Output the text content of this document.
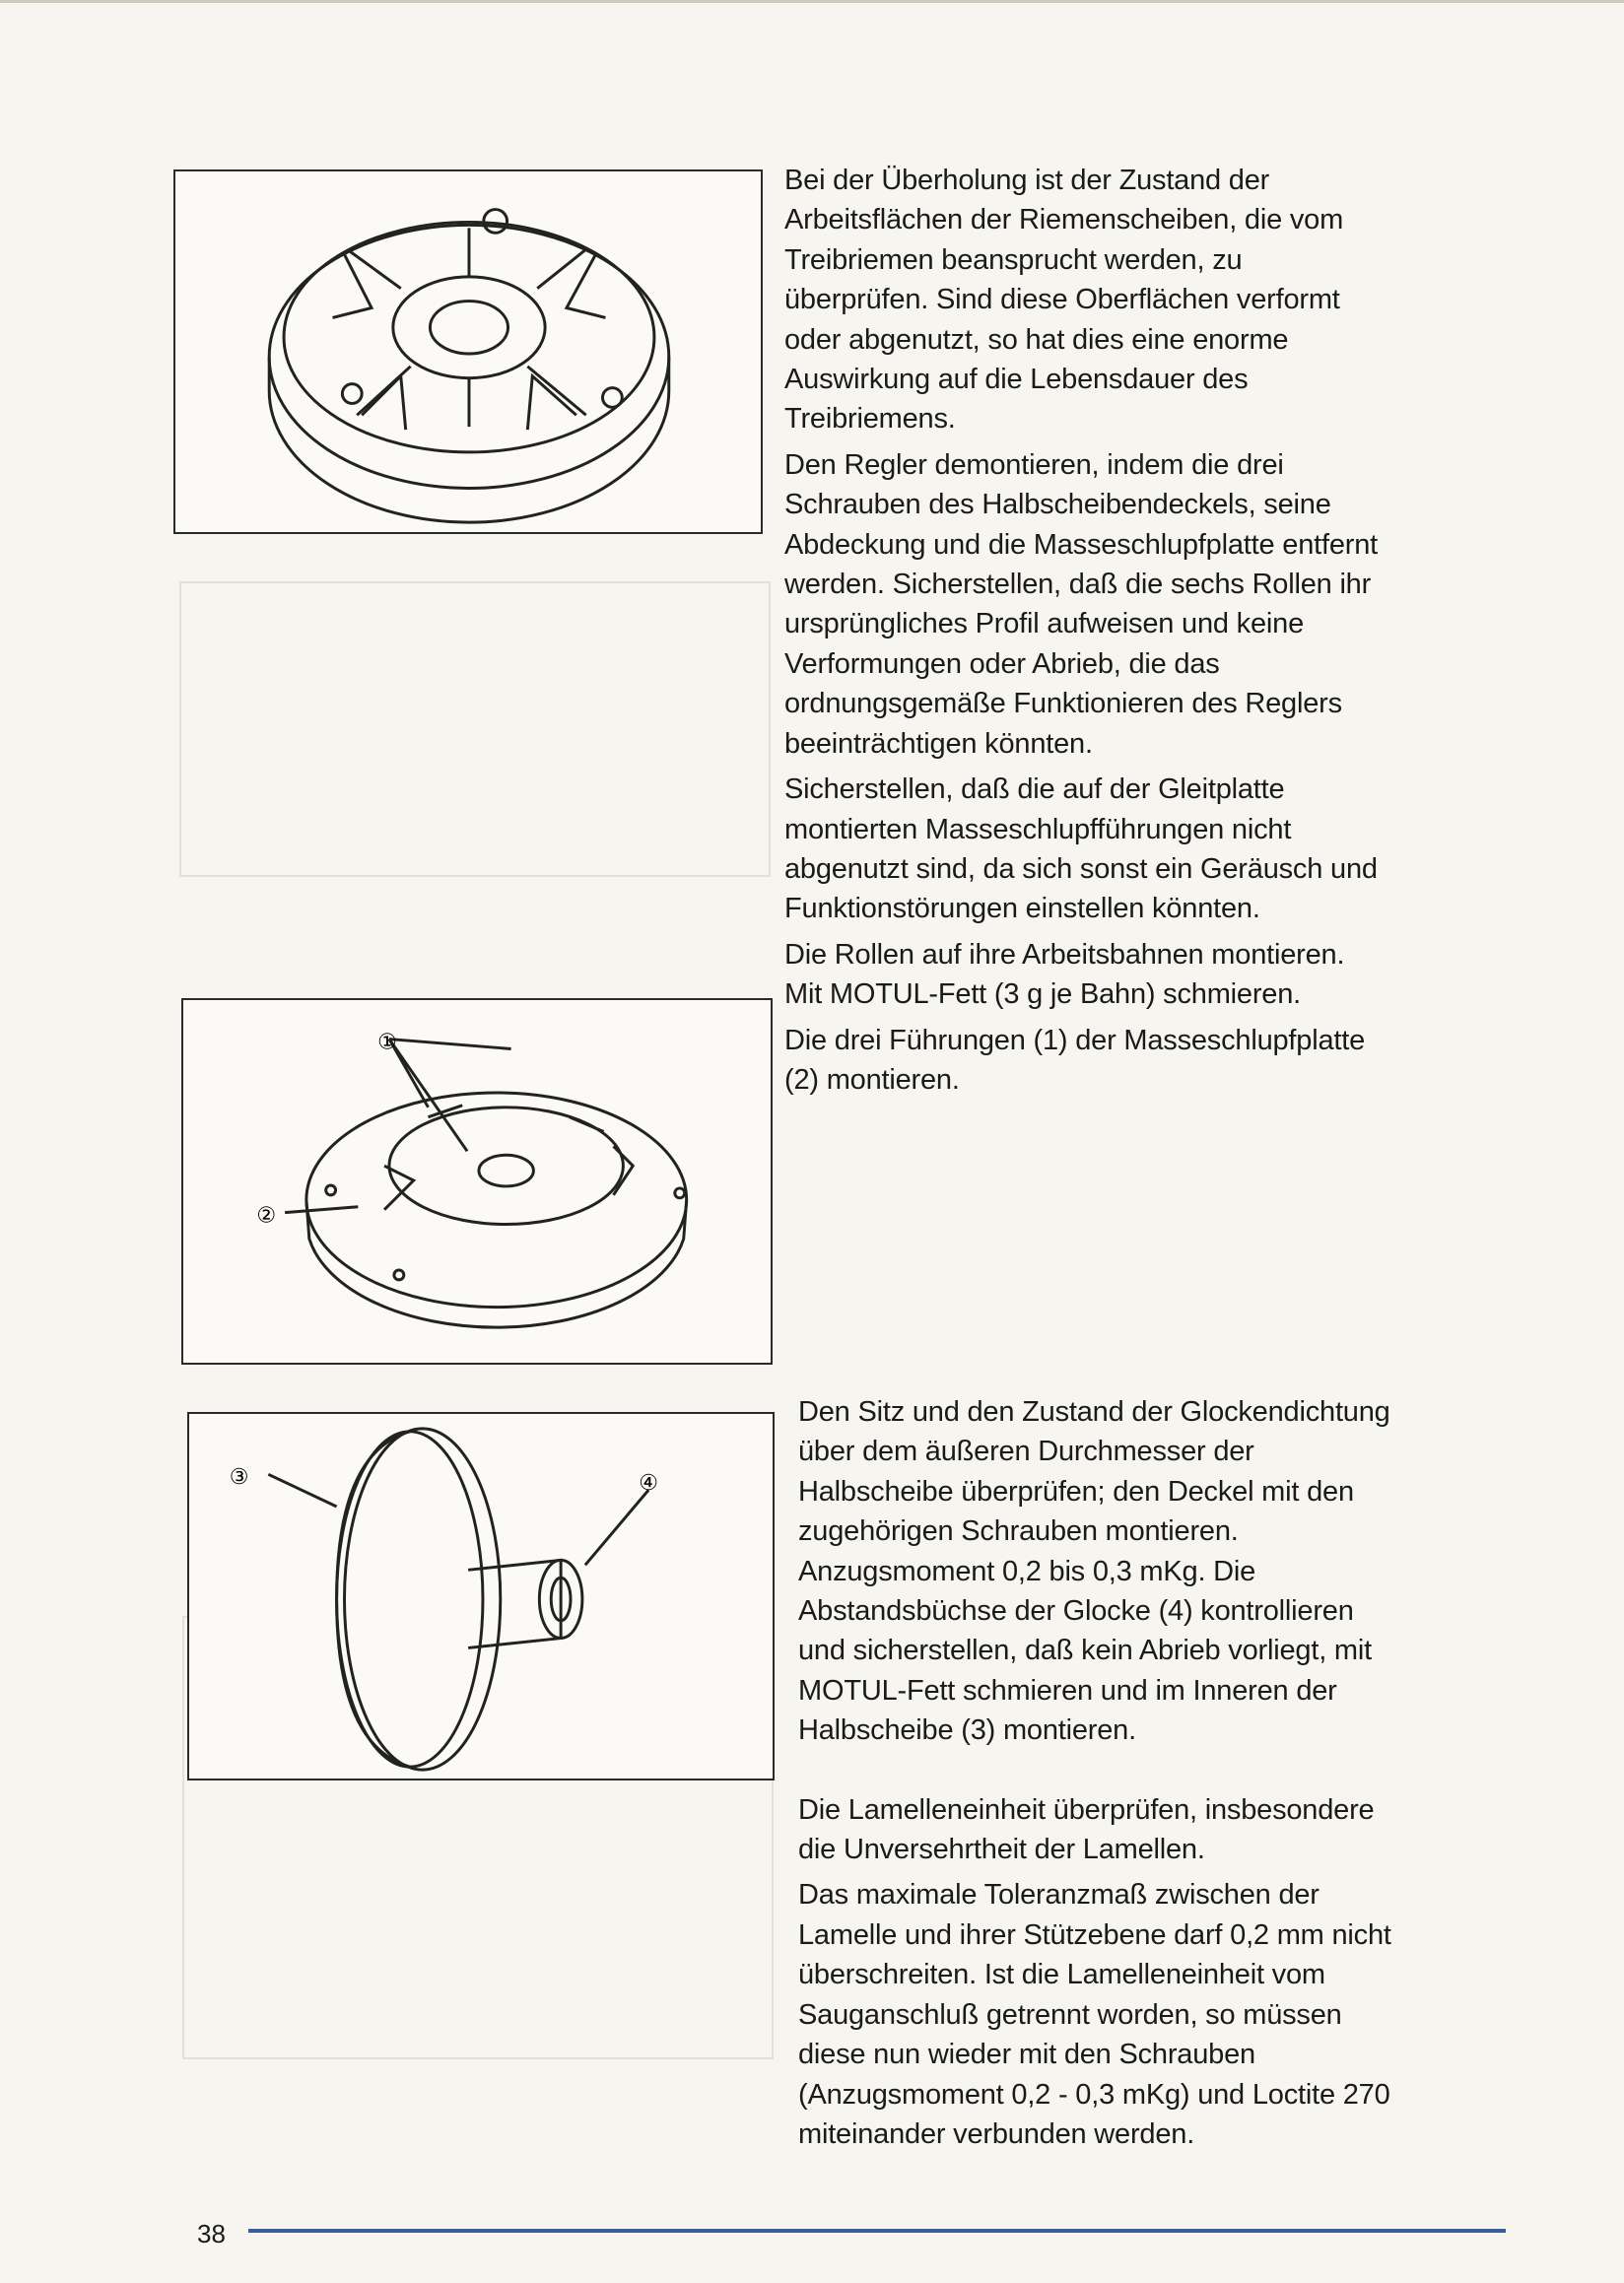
①
②
③	④

Bei der Überholung ist der Zustand der
Arbeitsflächen der Riemenscheiben, die vom
Treibriemen beansprucht werden, zu
überprüfen. Sind diese Oberflächen verformt
oder abgenutzt, so hat dies eine enorme
Auswirkung auf die Lebensdauer des
Treibriemens.

Den Regler demontieren, indem die drei
Schrauben des Halbscheibendeckels, seine
Abdeckung und die Masseschlupfplatte entfernt
werden. Sicherstellen, daß die sechs Rollen ihr
ursprüngliches Profil aufweisen und keine
Verformungen oder Abrieb, die das
ordnungsgemäße Funktionieren des Reglers
beeinträchtigen könnten.

Sicherstellen, daß die auf der Gleitplatte
montierten Masseschlupfführungen nicht
abgenutzt sind, da sich sonst ein Geräusch und
Funktionstörungen einstellen könnten.

Die Rollen auf ihre Arbeitsbahnen montieren.
Mit MOTUL-Fett (3 g je Bahn) schmieren.

Die drei Führungen (1) der Masseschlupfplatte
(2) montieren.

Den Sitz und den Zustand der Glockendichtung
über dem äußeren Durchmesser der
Halbscheibe überprüfen; den Deckel mit den
zugehörigen Schrauben montieren.
Anzugsmoment 0,2 bis 0,3 mKg. Die
Abstandsbüchse der Glocke (4) kontrollieren
und sicherstellen, daß kein Abrieb vorliegt, mit
MOTUL-Fett schmieren und im Inneren der
Halbscheibe (3) montieren.

Die Lamelleneinheit überprüfen, insbesondere
die Unversehrtheit der Lamellen.

Das maximale Toleranzmaß zwischen der
Lamelle und ihrer Stützebene darf 0,2 mm nicht
überschreiten. Ist die Lamelleneinheit vom
Sauganschluß getrennt worden, so müssen
diese nun wieder mit den Schrauben
(Anzugsmoment 0,2 - 0,3 mKg) und Loctite 270
miteinander verbunden werden.

38
